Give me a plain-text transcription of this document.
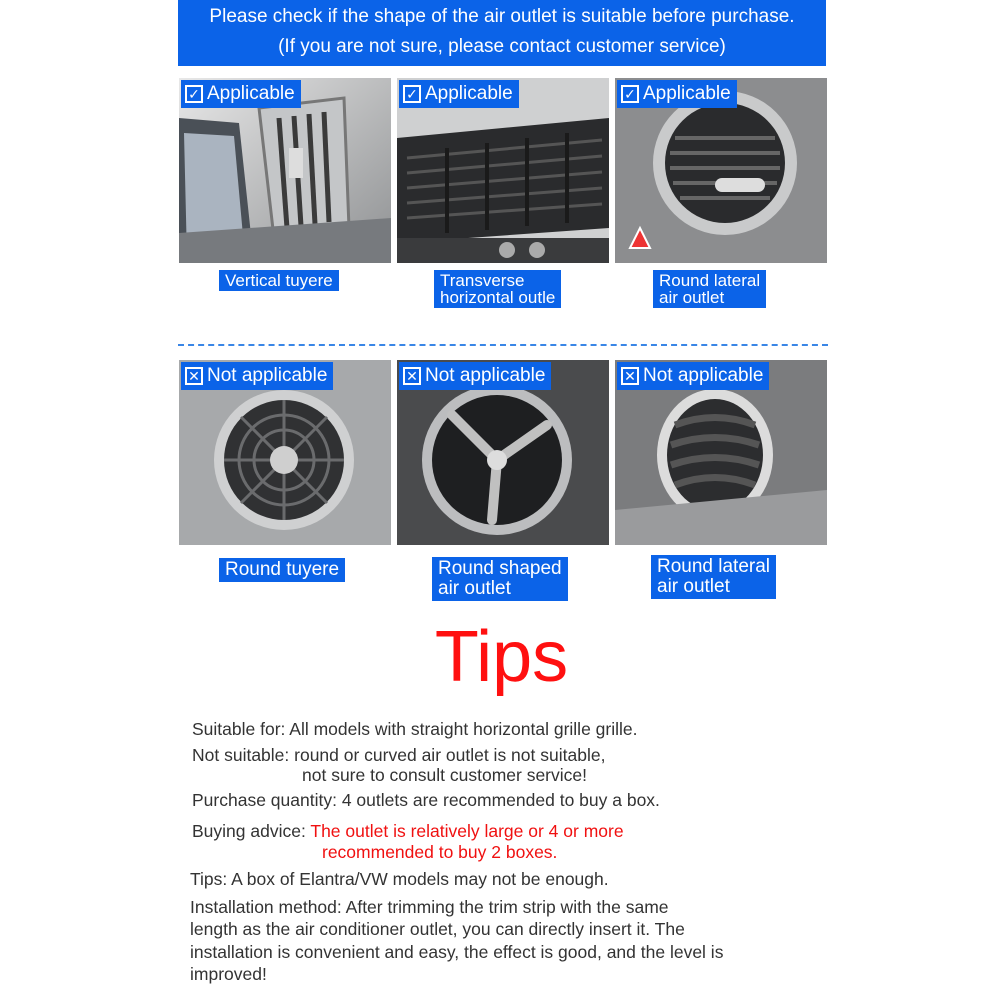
Please check if the shape of the air outlet is suitable before purchase.
(If you are not sure, please contact customer service)
✓ Applicable
Vertical tuyere
✓ Applicable
Transverse
horizontal outle
✓ Applicable
Round lateral
air outlet
✕ Not applicable
Round tuyere
✕ Not applicable
Round shaped
air outlet
✕ Not applicable
Round lateral
air outlet
Tips
Suitable for: All models with straight horizontal grille grille.
Not suitable: round or curved air outlet is not suitable,
not sure to consult customer service!
Purchase quantity: 4 outlets are recommended to buy a box.
Buying advice: The outlet is relatively large or 4 or more
recommended to buy 2 boxes.
Tips: A box of Elantra/VW models may not be enough.
Installation method: After trimming the trim strip with the same
length as the air conditioner outlet, you can directly insert it. The
installation is convenient and easy, the effect is good, and the level is
improved!
